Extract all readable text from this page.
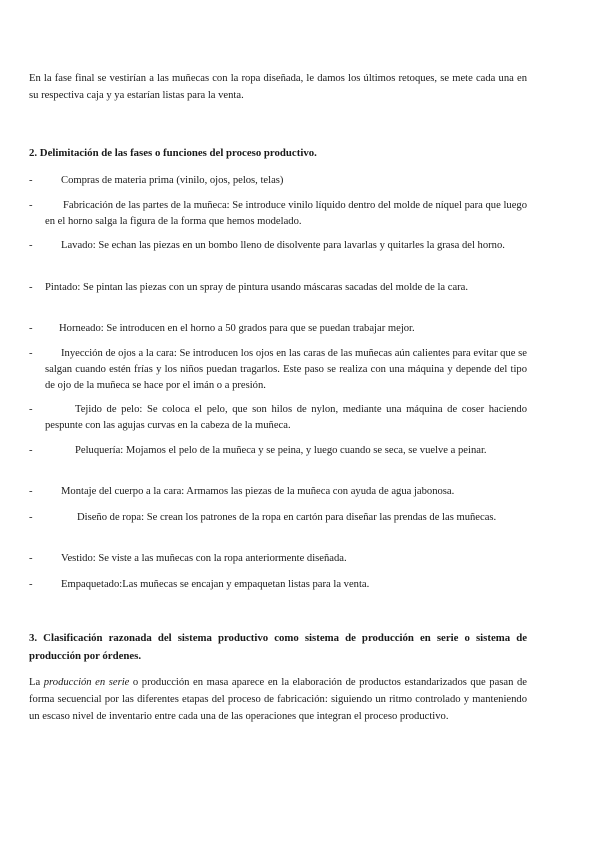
En la fase final se vestirían a las muñecas con la ropa diseñada, le damos los últimos retoques, se mete cada una en su respectiva caja y ya estarían listas para la venta.

2. Delimitación de las fases o funciones del proceso productivo.

-	Compras de materia prima (vinilo, ojos, pelos, telas)
-	Fabricación de las partes de la muñeca: Se introduce vinilo líquido dentro del molde de níquel para que luego en el horno salga la figura de la forma que hemos modelado.
-	Lavado: Se echan las piezas en un bombo lleno de disolvente para lavarlas y quitarles la grasa del horno.
-	Pintado: Se pintan las piezas con un spray de pintura usando máscaras sacadas del molde de la cara.
-	Horneado: Se introducen en el horno a 50 grados para que se puedan trabajar mejor.
-	Inyección de ojos a la cara: Se introducen los ojos en las caras de las muñecas aún calientes para evitar que se salgan cuando estén frías y los niños puedan tragarlos. Este paso se realiza con una máquina y depende del tipo de ojo de la muñeca se hace por el imán o a presión.
-	Tejido de pelo: Se coloca el pelo, que son hilos de nylon, mediante una máquina de coser haciendo pespunte con las agujas curvas en la cabeza de la muñeca.
-	Peluquería: Mojamos el pelo de la muñeca y se peina, y luego cuando se seca, se vuelve a peinar.
-	Montaje del cuerpo a la cara: Armamos las piezas de la muñeca con ayuda de agua jabonosa.
-	Diseño de ropa: Se crean los patrones de la ropa en cartón para diseñar las prendas de las muñecas.
-	Vestido: Se viste a las muñecas con la ropa anteriormente diseñada.
-	Empaquetado:Las muñecas se encajan y empaquetan listas para la venta.

3. Clasificación razonada del sistema productivo como sistema de producción en serie o sistema de producción por órdenes.

La producción en serie o producción en masa aparece en la elaboración de productos estandarizados que pasan de forma secuencial por las diferentes etapas del proceso de fabricación: siguiendo un ritmo controlado y manteniendo un escaso nivel de inventario entre cada una de las operaciones que integran el proceso productivo.
